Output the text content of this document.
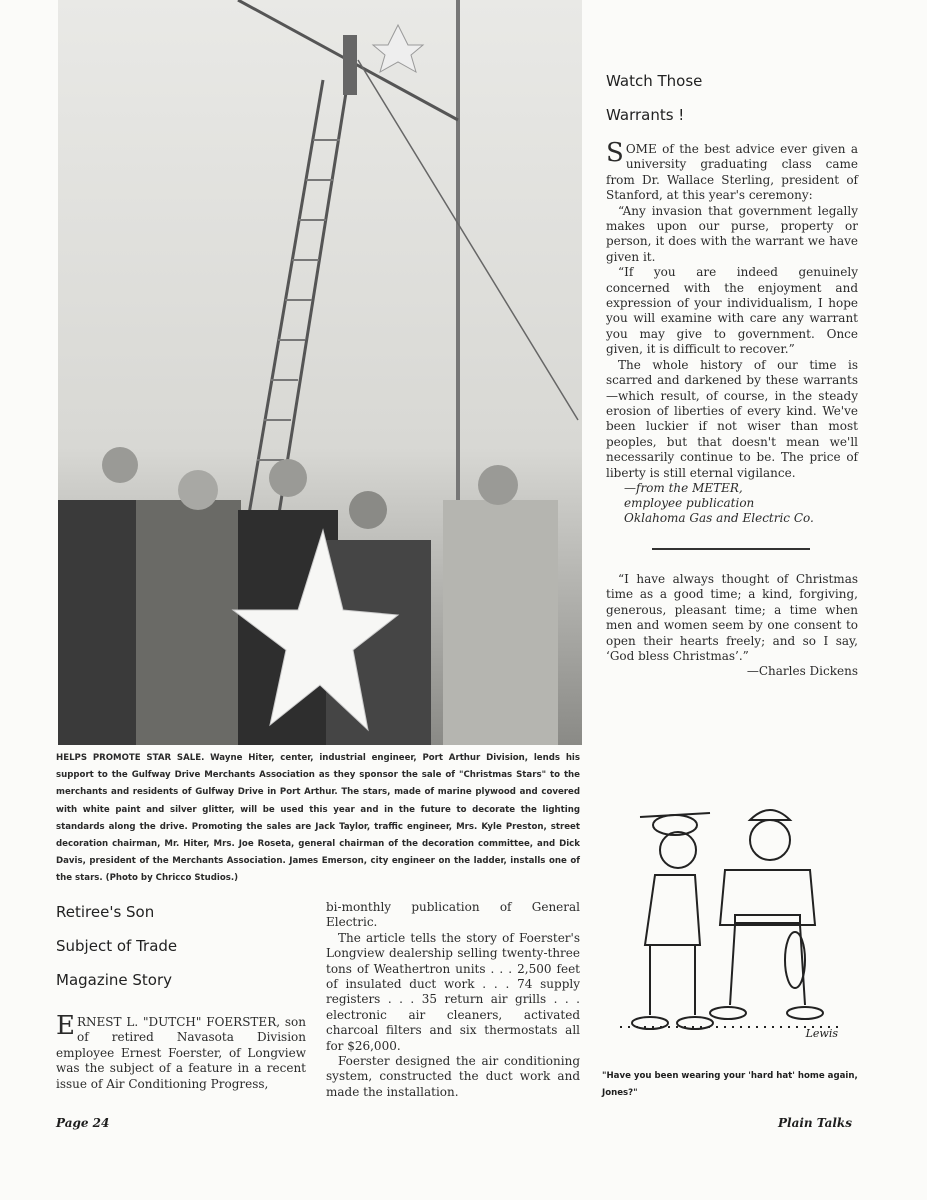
HELPS PROMOTE STAR SALE. Wayne Hiter, center, industrial engineer, Port Arthur Division, lends his support to the Gulfway Drive Merchants Association as they sponsor the sale of "Christmas Stars" to the merchants and residents of Gulfway Drive in Port Arthur. The stars, made of marine plywood and covered with white paint and silver glitter, will be used this year and in the future to decorate the lighting standards along the drive. Promoting the sales are Jack Taylor, traffic engineer, Mrs. Kyle Preston, street decoration chairman, Mr. Hiter, Mrs. Joe Roseta, general chairman of the decoration committee, and Dick Davis, president of the Merchants Association. James Emerson, city engineer on the ladder, installs one of the stars. (Photo by Chricco Studios.)

Retiree's Son

Subject of Trade

Magazine Story

ERNEST L. "DUTCH" FOERSTER, son of retired Navasota Division employee Ernest Foerster, of Longview was the subject of a feature in a recent issue of Air Conditioning Progress,

bi-monthly publication of General Electric.

The article tells the story of Foerster's Longview dealership selling twenty-three tons of Weathertron units . . . 2,500 feet of insulated duct work . . . 74 supply registers . . . 35 return air grills . . . electronic air cleaners, activated charcoal filters and six thermostats all for $26,000.

Foerster designed the air conditioning system, constructed the duct work and made the installation.

Watch Those

Warrants !

SOME of the best advice ever given a university graduating class came from Dr. Wallace Sterling, president of Stanford, at this year's ceremony:

“Any invasion that government legally makes upon our purse, property or person, it does with the warrant we have given it.

“If you are indeed genuinely concerned with the enjoyment and expression of your individualism, I hope you will examine with care any warrant you may give to government. Once given, it is difficult to recover.”

The whole history of our time is scarred and darkened by these warrants—which result, of course, in the steady erosion of liberties of every kind. We've been luckier if not wiser than most peoples, but that doesn't mean we'll necessarily continue to be. The price of liberty is still eternal vigilance.

—from the METER,

employee publication

Oklahoma Gas and Electric Co.

“I have always thought of Christmas time as a good time; a kind, forgiving, generous, pleasant time; a time when men and women seem by one consent to open their hearts freely; and so I say, ‘God bless Christmas’.”

—Charles Dickens

Lewis
"Have you been wearing your 'hard hat' home again, Jones?"
Page 24	Plain Talks
